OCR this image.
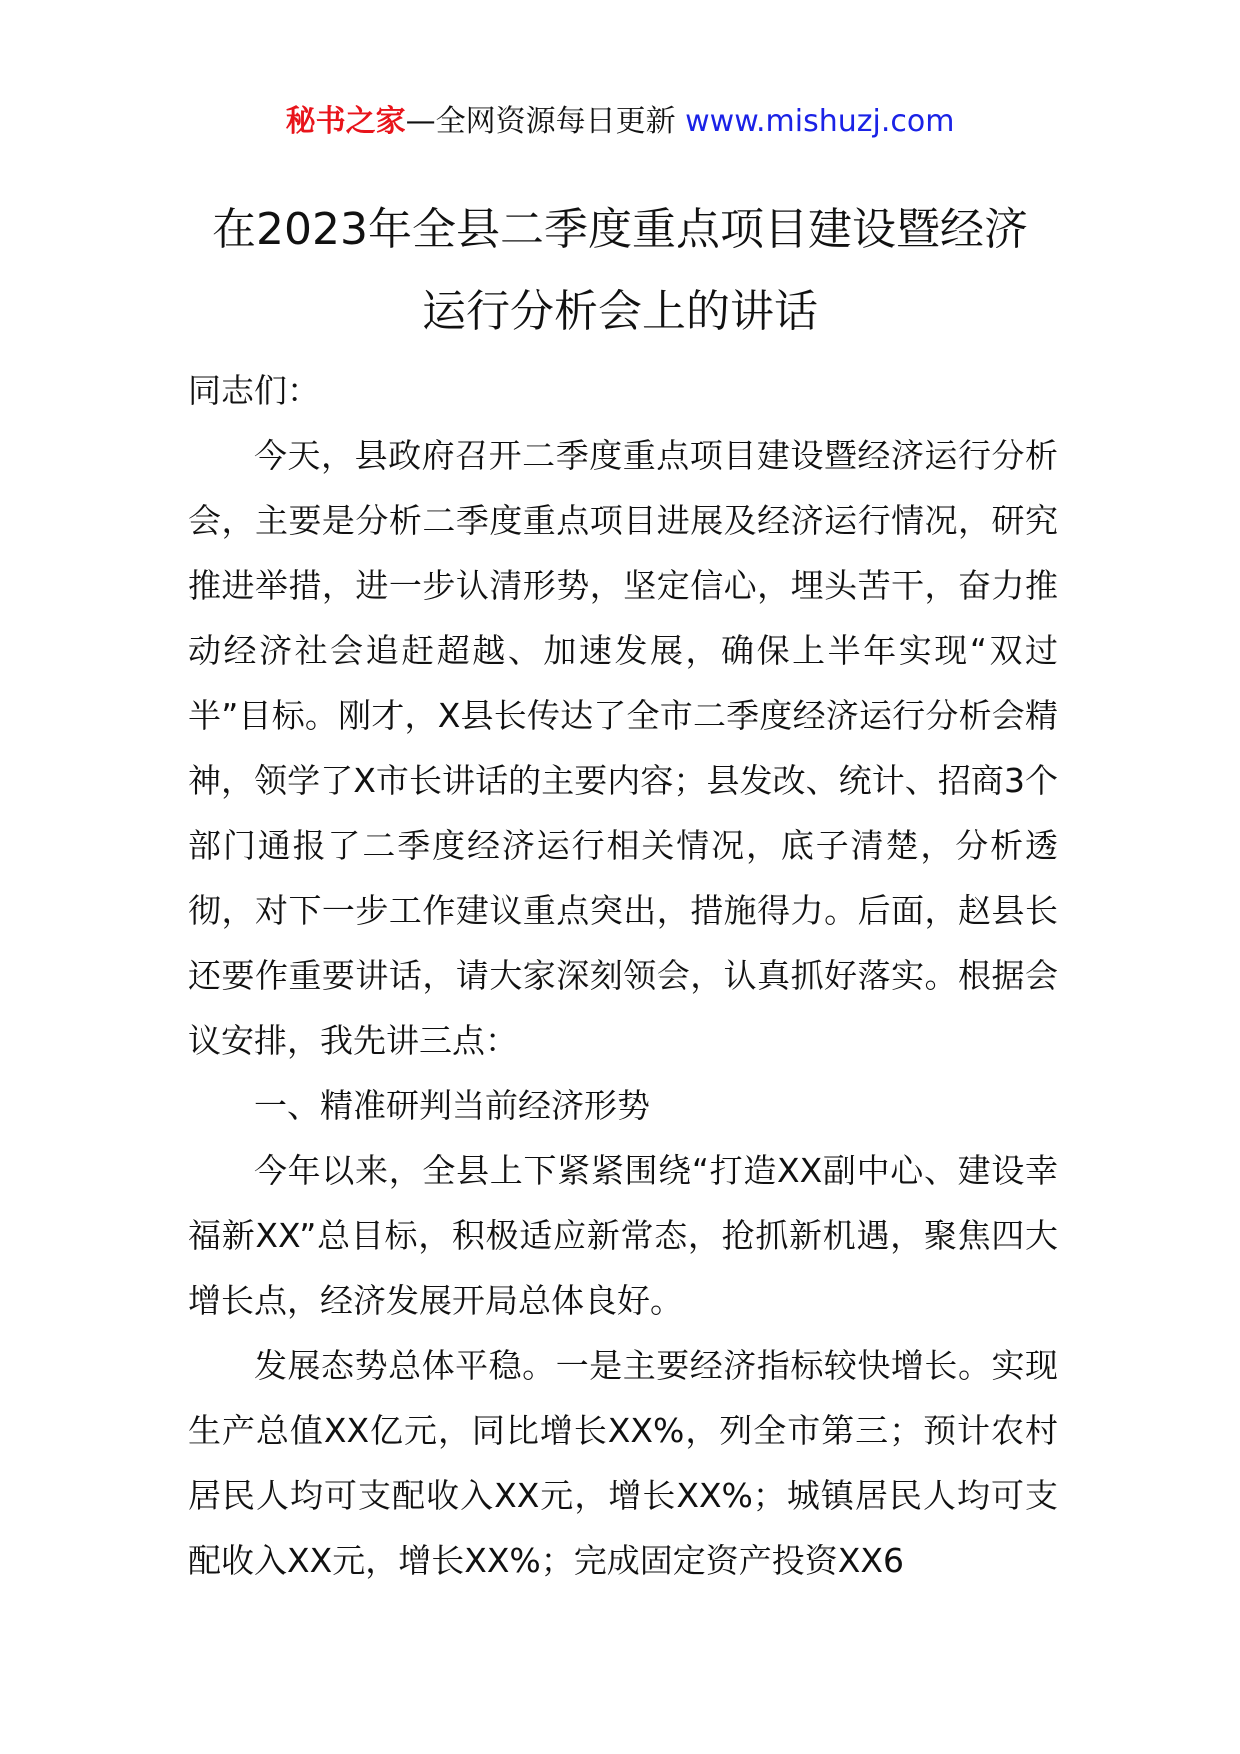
秘书之家—全网资源每日更新 www.mishuzj.com
在2023年全县二季度重点项目建设暨经济
运行分析会上的讲话

同志们：

今天，县政府召开二季度重点项目建设暨经济运行分析会，主要是分析二季度重点项目进展及经济运行情况，研究推进举措，进一步认清形势，坚定信心，埋头苦干，奋力推动经济社会追赶超越、加速发展，确保上半年实现“双过半”目标。刚才，X县长传达了全市二季度经济运行分析会精神，领学了X市长讲话的主要内容；县发改、统计、招商3个部门通报了二季度经济运行相关情况，底子清楚，分析透彻，对下一步工作建议重点突出，措施得力。后面，赵县长还要作重要讲话，请大家深刻领会，认真抓好落实。根据会议安排，我先讲三点：

一、精准研判当前经济形势

今年以来，全县上下紧紧围绕“打造XX副中心、建设幸福新XX”总目标，积极适应新常态，抢抓新机遇，聚焦四大增长点，经济发展开局总体良好。

发展态势总体平稳。一是主要经济指标较快增长。实现生产总值XX亿元，同比增长XX%，列全市第三；预计农村居民人均可支配收入XX元，增长XX%；城镇居民人均可支配收入XX元，增长XX%；完成固定资产投资XX6
